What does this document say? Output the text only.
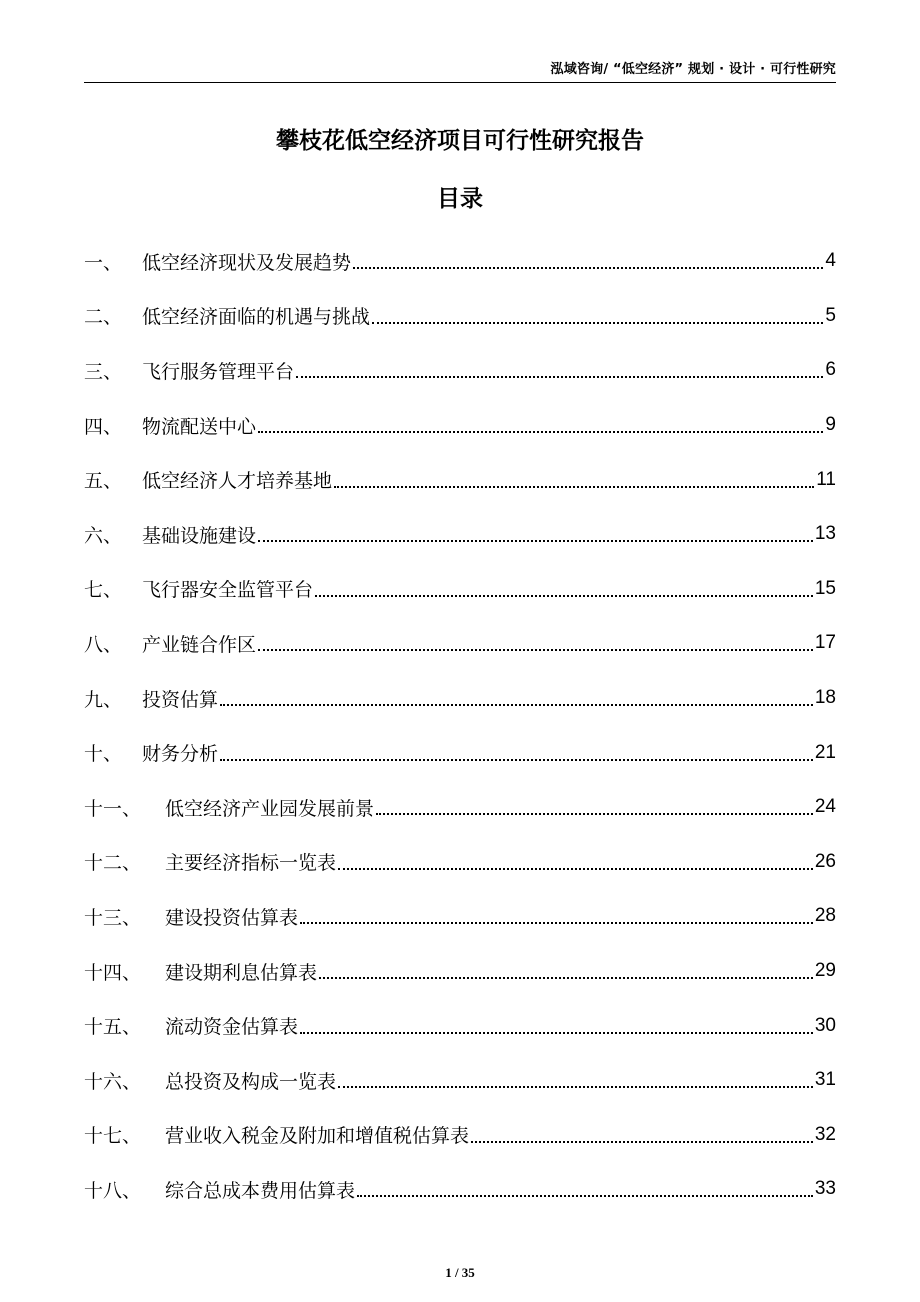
泓域咨询/ “低空经济” 规划 · 设计 · 可行性研究
攀枝花低空经济项目可行性研究报告
目录
一、	低空经济现状及发展趋势	4
二、	低空经济面临的机遇与挑战	5
三、	飞行服务管理平台	6
四、	物流配送中心	9
五、	低空经济人才培养基地	11
六、	基础设施建设	13
七、	飞行器安全监管平台	15
八、	产业链合作区	17
九、	投资估算	18
十、	财务分析	21
十一、	低空经济产业园发展前景	24
十二、	主要经济指标一览表	26
十三、	建设投资估算表	28
十四、	建设期利息估算表	29
十五、	流动资金估算表	30
十六、	总投资及构成一览表	31
十七、	营业收入税金及附加和增值税估算表	32
十八、	综合总成本费用估算表	33
1 / 35
